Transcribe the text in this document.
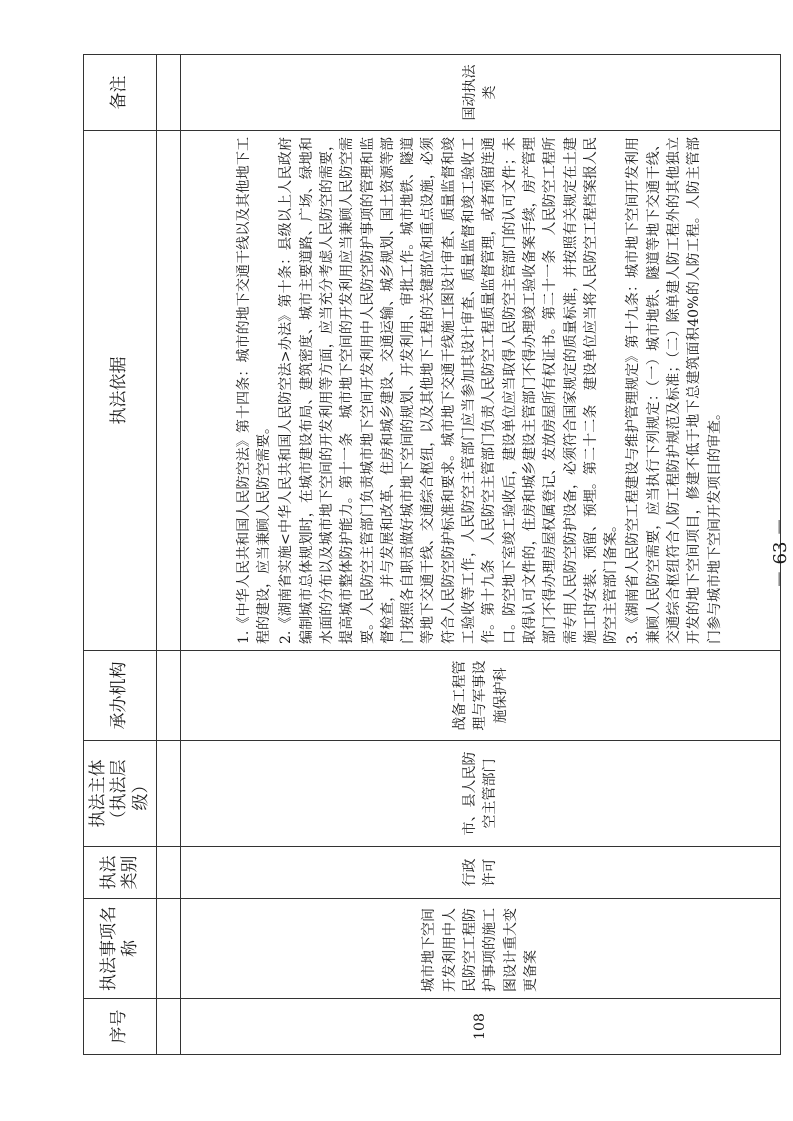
序号	执法事项名称	执法类别	执法主体（执法层级）	承办机构	执法依据	备注

108	城市地下空间开发利用中人民防空工程防护事项的施工图设计重大变更备案	行政许可	市、县人民防空主管部门	战备工程管理与军事设施保护科	1.《中华人民共和国人民防空法》第十四条：城市的地下交通干线以及其他地下工程的建设，应当兼顾人民防空需要。 2.《湖南省实施<中华人民共和国人民防空法>办法》第十条：县级以上人民政府编制城市总体规划时，在城市建设布局、建筑密度、城市主要道路、广场、绿地和水面的分布以及城市地下空间的开发利用等方面，应当充分考虑人民防空的需要，提高城市整体防护能力。第十一条　城市地下空间的开发利用应当兼顾人民防空需要。人民防空主管部门负责城市地下空间开发利用中人民防空防护事项的管理和监督检查，并与发展和改革、住房和城乡建设、交通运输、城乡规划、国土资源等部门按照各自职责做好城市地下空间的规划、开发利用、审批工作。城市地铁、隧道等地下交通干线、交通综合枢纽，以及其他地下工程的关键部位和重点设施，必须符合人民防空防护标准和要求。城市地下交通干线施工图设计审查、质量监督和竣工验收等工作，人民防空主管部门应当参加其设计审查、质量监督和竣工验收工作。第十九条　人民防空主管部门负责人民防空工程质量监督管理，或者预留连通口。防空地下室竣工验收后，建设单位应当取得人民防空主管部门的认可文件；未取得认可文件的，住房和城乡建设主管部门不得办理竣工验收备案手续，房产管理部门不得办理房屋权属登记、发放房屋所有权证书。第二十一条　人民防空工程所需专用人民防空防护设备，必须符合国家规定的质量标准，并按照有关规定在土建施工时安装、预留、预埋。第二十二条　建设单位应当将人民防空工程档案报人民防空主管部门备案。 3.《湖南省人民防空工程建设与维护管理规定》第十九条：城市地下空间开发利用兼顾人民防空需要，应当执行下列规定：（一）城市地铁、隧道等地下交通干线、交通综合枢纽符合人防工程防护规范及标准；（二）除单建人防工程外的其他独立开发的地下空间项目，修建不低于地下总建筑面积40%的人防工程。人防主管部门参与城市地下空间开发项目的审查。	国动执法类
－ 63 －
